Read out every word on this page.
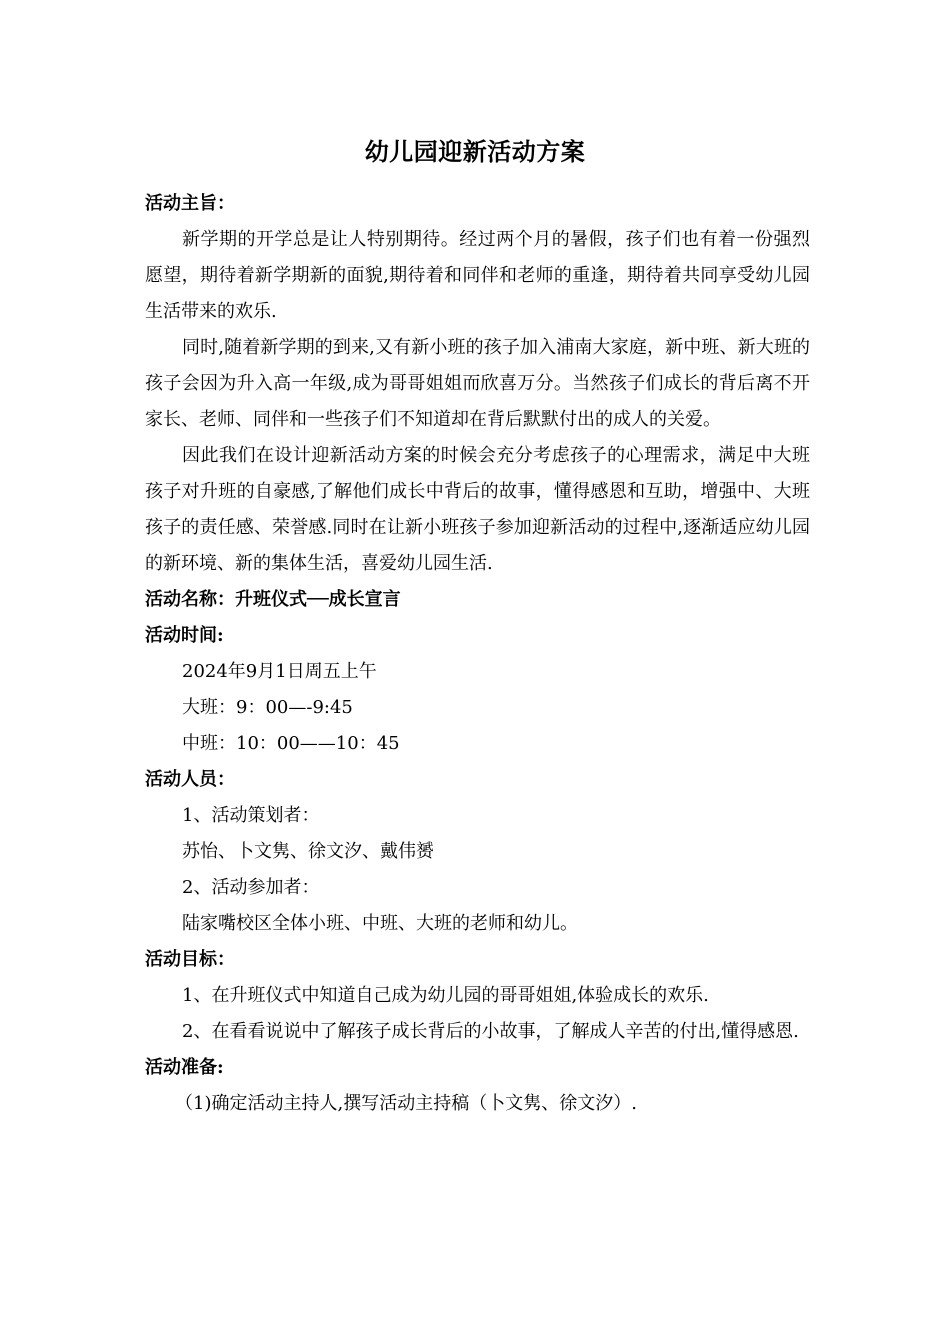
幼儿园迎新活动方案
活动主旨：

新学期的开学总是让人特别期待。经过两个月的暑假，孩子们也有着一份强烈愿望，期待着新学期新的面貌,期待着和同伴和老师的重逢，期待着共同享受幼儿园生活带来的欢乐.

同时,随着新学期的到来,又有新小班的孩子加入浦南大家庭，新中班、新大班的孩子会因为升入高一年级,成为哥哥姐姐而欣喜万分。当然孩子们成长的背后离不开家长、老师、同伴和一些孩子们不知道却在背后默默付出的成人的关爱。

因此我们在设计迎新活动方案的时候会充分考虑孩子的心理需求，满足中大班孩子对升班的自豪感,了解他们成长中背后的故事，懂得感恩和互助，增强中、大班孩子的责任感、荣誉感.同时在让新小班孩子参加迎新活动的过程中,逐渐适应幼儿园的新环境、新的集体生活，喜爱幼儿园生活.

活动名称：升班仪式──成长宣言
活动时间:
2024年9月1日周五上午
大班：9：00—-9:45
中班：10：00——10：45
活动人员：
1、活动策划者：
苏怡、卜文隽、徐文汐、戴伟赟
2、活动参加者：
陆家嘴校区全体小班、中班、大班的老师和幼儿。
活动目标：
1、在升班仪式中知道自己成为幼儿园的哥哥姐姐,体验成长的欢乐.

2、在看看说说中了解孩子成长背后的小故事，了解成人辛苦的付出,懂得感恩.

活动准备:
（1)确定活动主持人,撰写活动主持稿（卜文隽、徐文汐）.
